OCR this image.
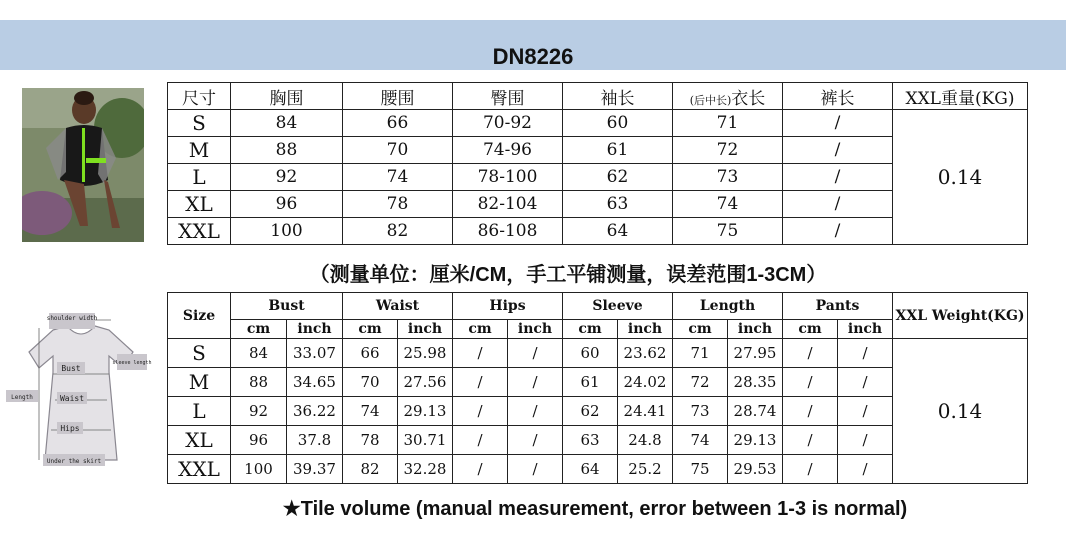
DN8226
尺寸	胸围	腰围	臀围	袖长	(后中长)衣长	裤长	XXL重量(KG)
S	84	66	70-92	60	71	/	0.14
M	88	70	74-96	61	72	/	
L	92	74	78-100	62	73	/	
XL	96	78	82-104	63	74	/	
XXL	100	82	86-108	64	75	/	
（测量单位：厘米/CM，手工平铺测量，误差范围1-3CM）
shoulder width
sleeve length
Bust
Waist
Hips
Length
Under the skirt
Size	Bust		Waist		Hips		Sleeve		Length		Pants		XXL Weight(KG)
	cm	inch	cm	inch	cm	inch	cm	inch	cm	inch	cm	inch	
S	84	33.07	66	25.98	/	/	60	23.62	71	27.95	/	/	0.14
M	88	34.65	70	27.56	/	/	61	24.02	72	28.35	/	/	
L	92	36.22	74	29.13	/	/	62	24.41	73	28.74	/	/	
XL	96	37.8	78	30.71	/	/	63	24.8	74	29.13	/	/	
XXL	100	39.37	82	32.28	/	/	64	25.2	75	29.53	/	/	
★Tile volume (manual measurement, error between 1-3 is normal)
